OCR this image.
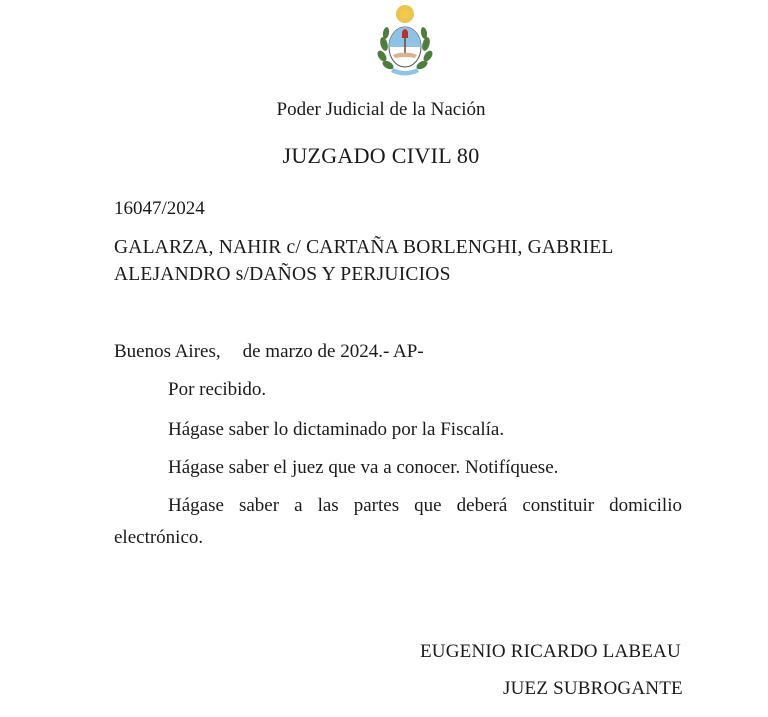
Poder Judicial de la Nación
JUZGADO CIVIL 80
16047/2024
GALARZA, NAHIR c/ CARTAÑA BORLENGHI, GABRIEL
ALEJANDRO s/DAÑOS Y PERJUICIOS
Buenos Aires, de marzo de 2024.- AP-
Por recibido.
Hágase saber lo dictaminado por la Fiscalía.
Hágase saber el juez que va a conocer. Notifíquese.
Hágase saber a las partes que deberá constituir domicilio
electrónico.
EUGENIO RICARDO LABEAU
JUEZ SUBROGANTE
